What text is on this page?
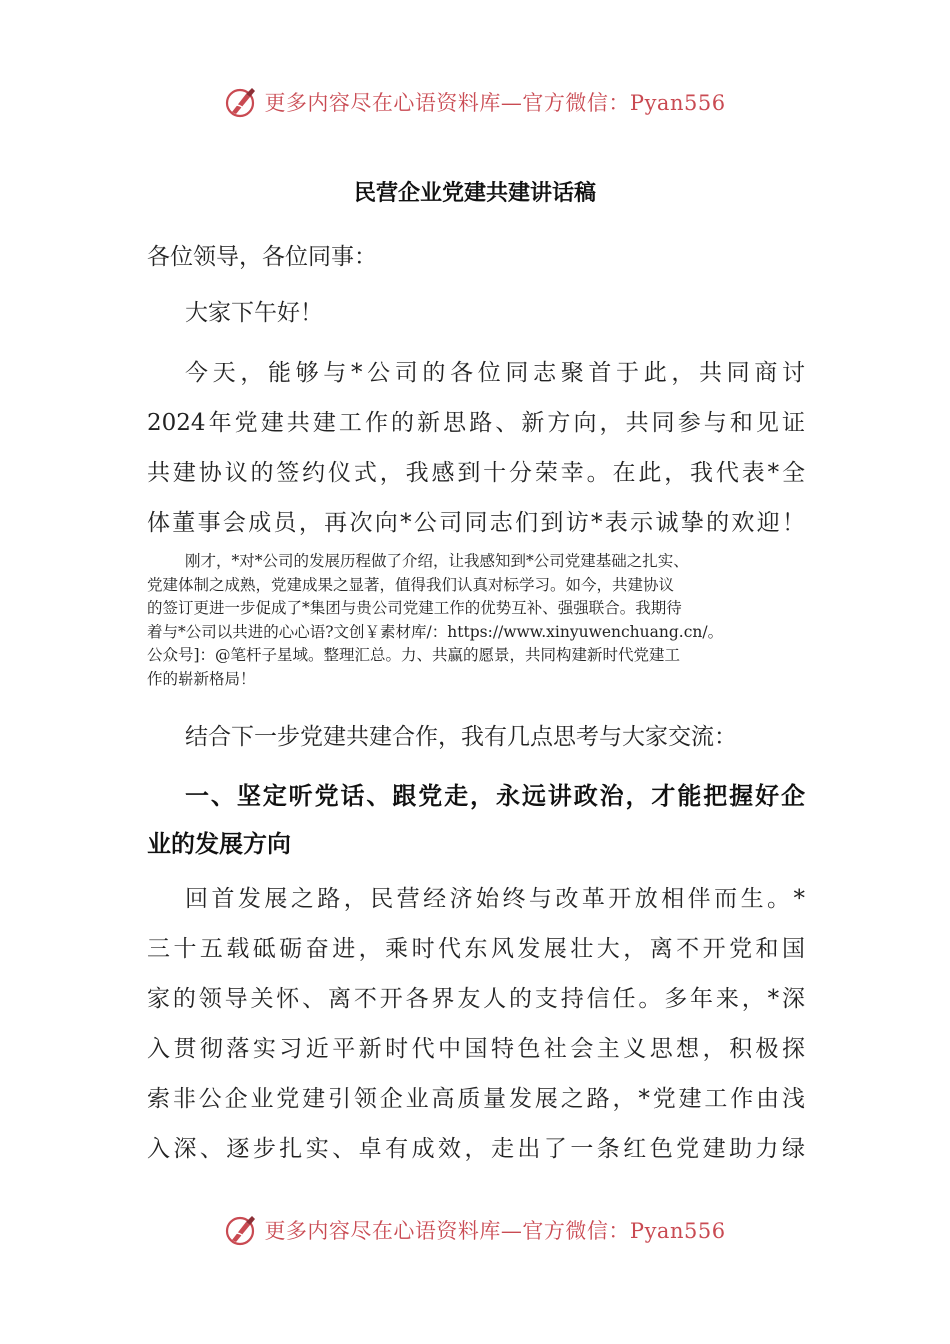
更多内容尽在心语资料库—官方微信：Pyan556
民营企业党建共建讲话稿
各位领导，各位同事：
大家下午好！
今天，能够与*公司的各位同志聚首于此，共同商讨
2024年党建共建工作的新思路、新方向，共同参与和见证
共建协议的签约仪式，我感到十分荣幸。在此，我代表*全
体董事会成员，再次向*公司同志们到访*表示诚挚的欢迎！
刚才，*对*公司的发展历程做了介绍，让我感知到*公司党建基础之扎实、
党建体制之成熟，党建成果之显著，值得我们认真对标学习。如今，共建协议
的签订更进一步促成了*集团与贵公司党建工作的优势互补、强强联合。我期待
着与*公司以共进的心心语?文创￥素材库/：https://www.xinyuwenchuang.cn/。
公众号]：@笔杆子星域。整理汇总。力、共赢的愿景，共同构建新时代党建工
作的崭新格局！
结合下一步党建共建合作，我有几点思考与大家交流：
一、坚定听党话、跟党走，永远讲政治，才能把握好企
业的发展方向
回首发展之路，民营经济始终与改革开放相伴而生。*
三十五载砥砺奋进，乘时代东风发展壮大，离不开党和国
家的领导关怀、离不开各界友人的支持信任。多年来，*深
入贯彻落实习近平新时代中国特色社会主义思想，积极探
索非公企业党建引领企业高质量发展之路，*党建工作由浅
入深、逐步扎实、卓有成效，走出了一条红色党建助力绿
更多内容尽在心语资料库—官方微信：Pyan556
